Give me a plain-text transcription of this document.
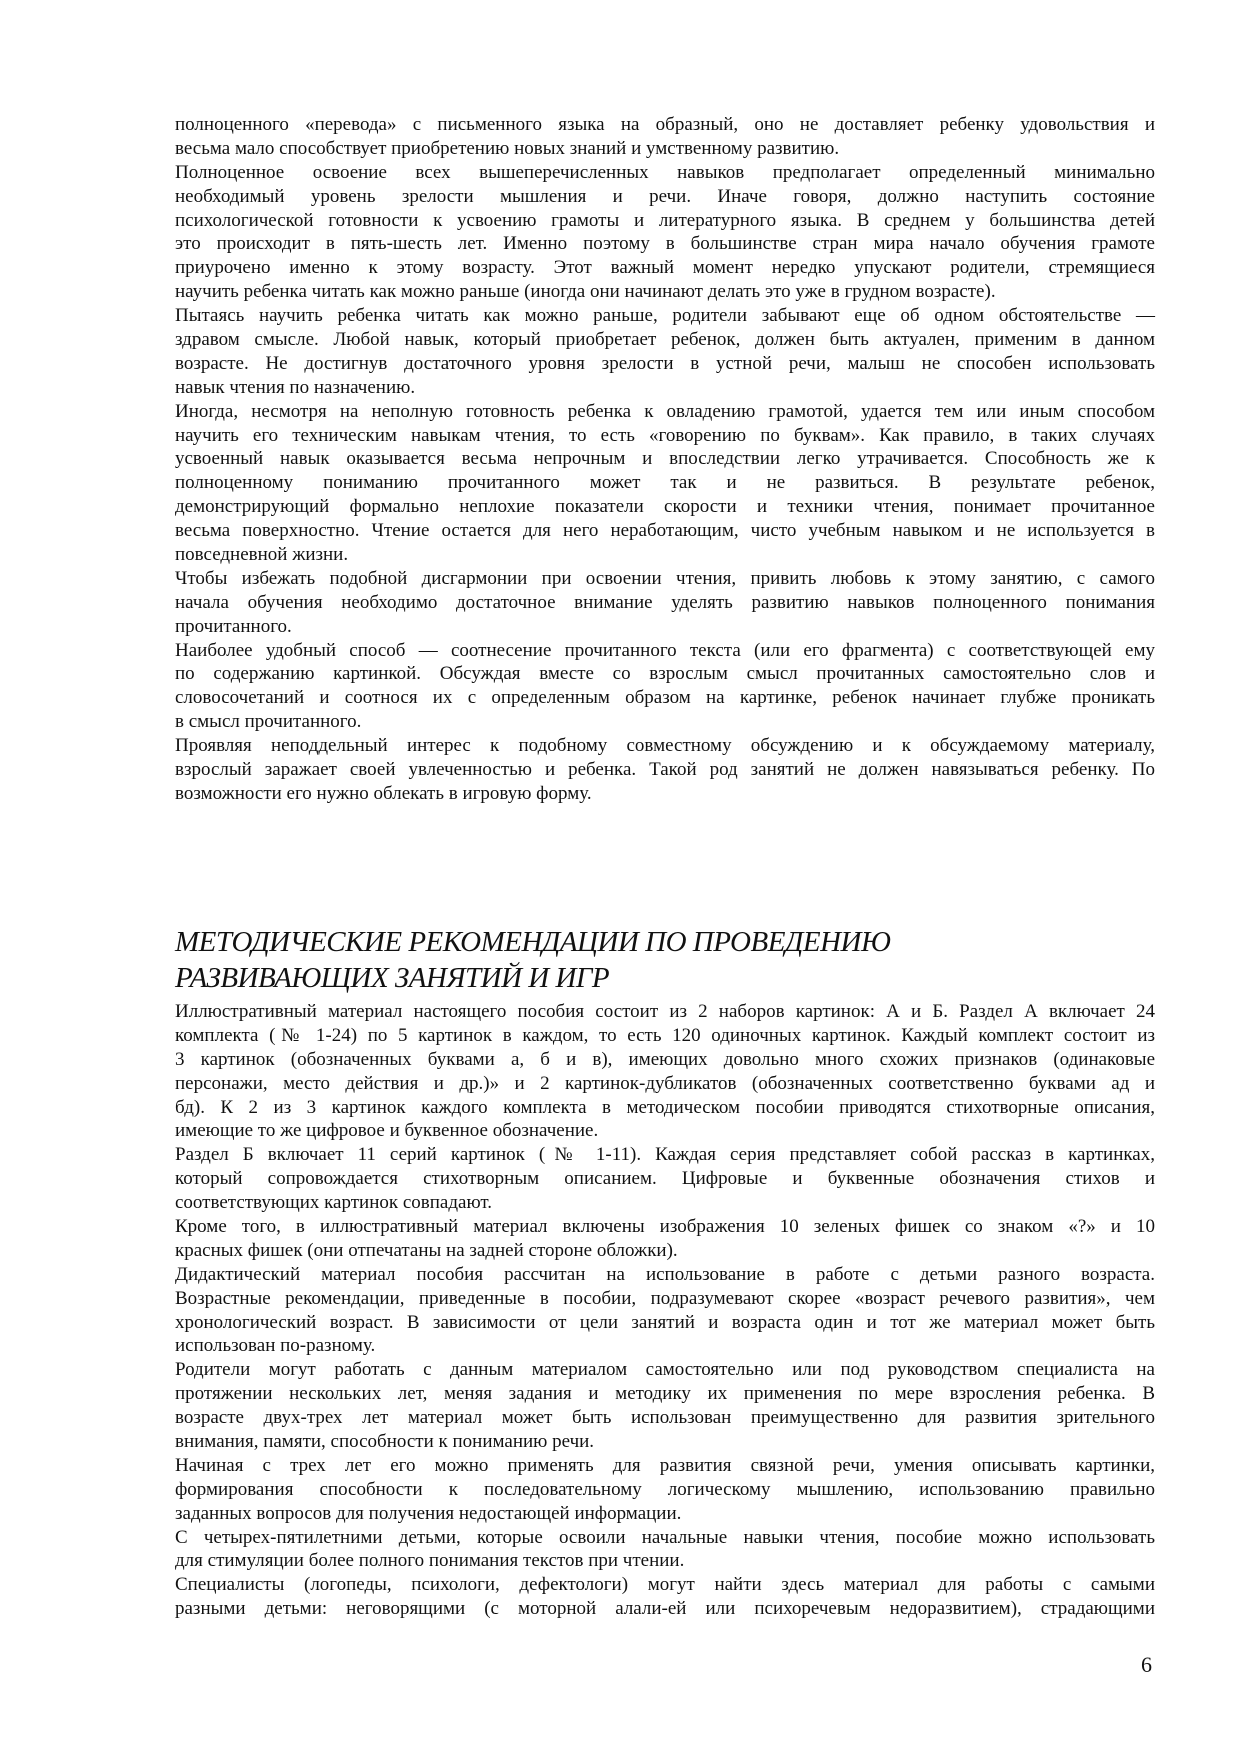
полноценного «перевода» с письменного языка на образный, оно не доставляет ребенку удовольствия и
весьма мало способствует приобретению новых знаний и умственному развитию.
Полноценное освоение всех вышеперечисленных навыков предполагает определенный минимально
необходимый уровень зрелости мышления и речи. Иначе говоря, должно наступить состояние
психологической готовности к усвоению грамоты и литературного языка. В среднем у большинства детей
это происходит в пять-шесть лет. Именно поэтому в большинстве стран мира начало обучения грамоте
приурочено именно к этому возрасту. Этот важный момент нередко упускают родители, стремящиеся
научить ребенка читать как можно раньше (иногда они начинают делать это уже в грудном возрасте).
Пытаясь научить ребенка читать как можно раньше, родители забывают еще об одном обстоятельстве —
здравом смысле. Любой навык, который приобретает ребенок, должен быть актуален, применим в данном
возрасте. Не достигнув достаточного уровня зрелости в устной речи, малыш не способен использовать
навык чтения по назначению.
Иногда, несмотря на неполную готовность ребенка к овладению грамотой, удается тем или иным способом
научить его техническим навыкам чтения, то есть «говорению по буквам». Как правило, в таких случаях
усвоенный навык оказывается весьма непрочным и впоследствии легко утрачивается. Способность же к
полноценному пониманию прочитанного может так и не развиться. В результате ребенок,
демонстрирующий формально неплохие показатели скорости и техники чтения, понимает прочитанное
весьма поверхностно. Чтение остается для него неработающим, чисто учебным навыком и не используется в
повседневной жизни.
Чтобы избежать подобной дисгармонии при освоении чтения, привить любовь к этому занятию, с самого
начала обучения необходимо достаточное внимание уделять развитию навыков полноценного понимания
прочитанного.
Наиболее удобный способ — соотнесение прочитанного текста (или его фрагмента) с соответствующей ему
по содержанию картинкой. Обсуждая вместе со взрослым смысл прочитанных самостоятельно слов и
словосочетаний и соотнося их с определенным образом на картинке, ребенок начинает глубже проникать
в смысл прочитанного.
Проявляя неподдельный интерес к подобному совместному обсуждению и к обсуждаемому материалу,
взрослый заражает своей увлеченностью и ребенка. Такой род занятий не должен навязываться ребенку. По
возможности его нужно облекать в игровую форму.
МЕТОДИЧЕСКИЕ РЕКОМЕНДАЦИИ ПО ПРОВЕДЕНИЮ
РАЗВИВАЮЩИХ ЗАНЯТИЙ И ИГР
Иллюстративный материал настоящего пособия состоит из 2 наборов картинок: А и Б. Раздел А включает 24
комплекта (№ 1-24) по 5 картинок в каждом, то есть 120 одиночных картинок. Каждый комплект состоит из
3 картинок (обозначенных буквами а, б и в), имеющих довольно много схожих признаков (одинаковые
персонажи, место действия и др.)» и 2 картинок-дубликатов (обозначенных соответственно буквами ад и
бд). К 2 из 3 картинок каждого комплекта в методическом пособии приводятся стихотворные описания,
имеющие то же цифровое и буквенное обозначение.
Раздел Б включает 11 серий картинок (№ 1-11). Каждая серия представляет собой рассказ в картинках,
который сопровождается стихотворным описанием. Цифровые и буквенные обозначения стихов и
соответствующих картинок совпадают.
Кроме того, в иллюстративный материал включены изображения 10 зеленых фишек со знаком «?» и 10
красных фишек (они отпечатаны на задней стороне обложки).
Дидактический материал пособия рассчитан на использование в работе с детьми разного возраста.
Возрастные рекомендации, приведенные в пособии, подразумевают скорее «возраст речевого развития», чем
хронологический возраст. В зависимости от цели занятий и возраста один и тот же материал может быть
использован по-разному.
Родители могут работать с данным материалом самостоятельно или под руководством специалиста на
протяжении нескольких лет, меняя задания и методику их применения по мере взросления ребенка. В
возрасте двух-трех лет материал может быть использован преимущественно для развития зрительного
внимания, памяти, способности к пониманию речи.
Начиная с трех лет его можно применять для развития связной речи, умения описывать картинки,
формирования способности к последовательному логическому мышлению, использованию правильно
заданных вопросов для получения недостающей информации.
С четырех-пятилетними детьми, которые освоили начальные навыки чтения, пособие можно использовать
для стимуляции более полного понимания текстов при чтении.
Специалисты (логопеды, психологи, дефектологи) могут найти здесь материал для работы с самыми
разными детьми: неговорящими (с моторной алали-ей или психоречевым недоразвитием), страдающими
6
